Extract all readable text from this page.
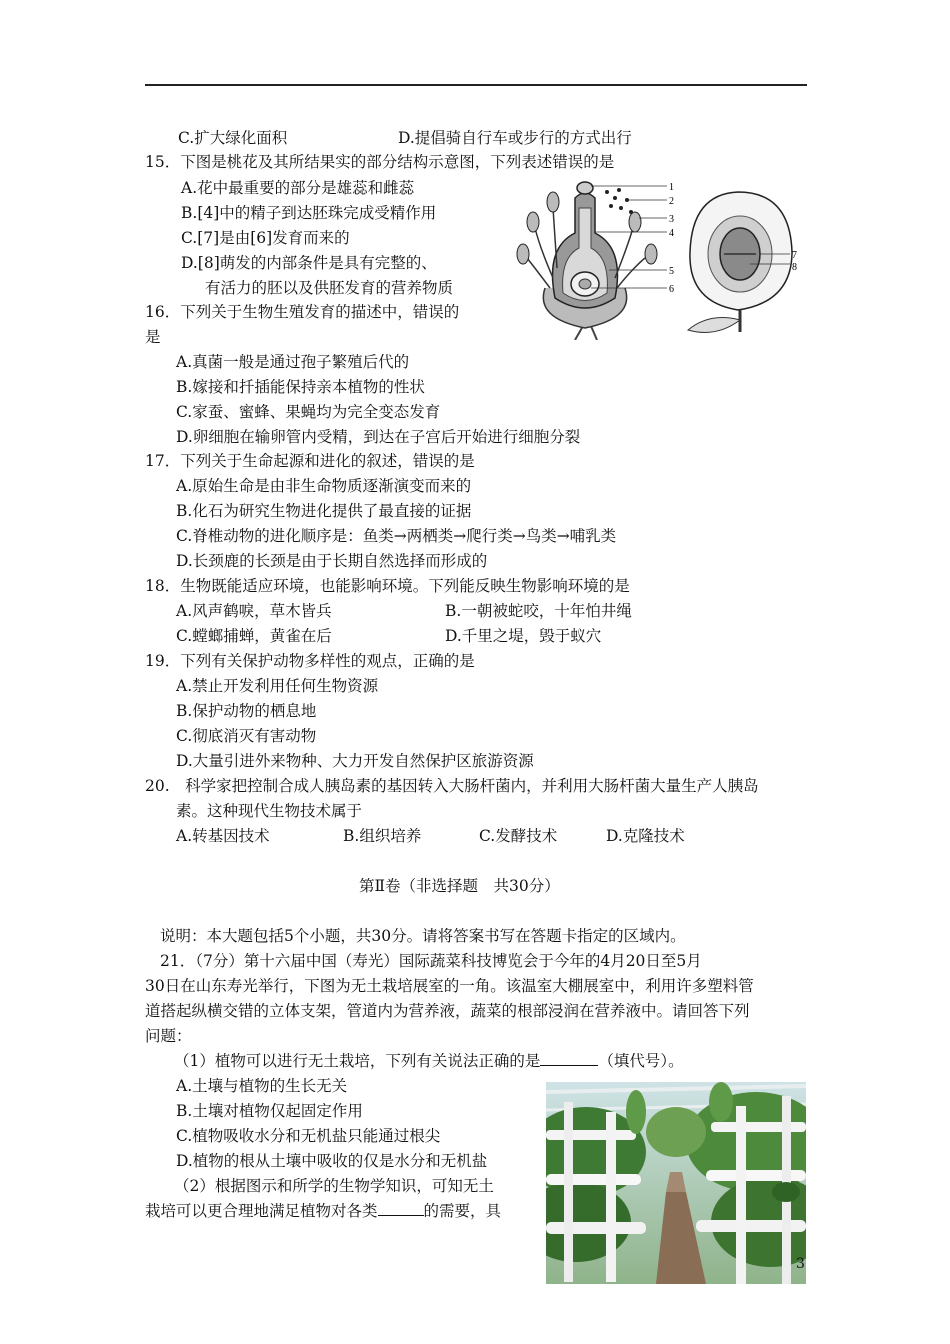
C.扩大绿化面积	D.提倡骑自行车或步行的方式出行
15．下图是桃花及其所结果实的部分结构示意图，下列表述错误的是
A.花中最重要的部分是雄蕊和雌蕊
B.[4]中的精子到达胚珠完成受精作用
C.[7]是由[6]发育而来的
D.[8]萌发的内部条件是具有完整的、
有活力的胚以及供胚发育的营养物质
1
2
3
4
5
6
7
8
16．下列关于生物生殖发育的描述中，错误的
是
A.真菌一般是通过孢子繁殖后代的
B.嫁接和扦插能保持亲本植物的性状
C.家蚕、蜜蜂、果蝇均为完全变态发育
D.卵细胞在输卵管内受精，到达在子宫后开始进行细胞分裂
17．下列关于生命起源和进化的叙述，错误的是
A.原始生命是由非生命物质逐渐演变而来的
B.化石为研究生物进化提供了最直接的证据
C.脊椎动物的进化顺序是：鱼类→两栖类→爬行类→鸟类→哺乳类
D.长颈鹿的长颈是由于长期自然选择而形成的
18．生物既能适应环境，也能影响环境。下列能反映生物影响环境的是
A.风声鹤唳，草木皆兵	B.一朝被蛇咬，十年怕井绳
C.螳螂捕蝉，黄雀在后	D.千里之堤，毁于蚁穴
19．下列有关保护动物多样性的观点，正确的是
A.禁止开发利用任何生物资源
B.保护动物的栖息地
C.彻底消灭有害动物
D.大量引进外来物种、大力开发自然保护区旅游资源
20.　科学家把控制合成人胰岛素的基因转入大肠杆菌内，并利用大肠杆菌大量生产人胰岛
素。这种现代生物技术属于
A.转基因技术	B.组织培养	C.发酵技术	D.克隆技术
第Ⅱ卷（非选择题　共30分）
说明：本大题包括5个小题，共30分。请将答案书写在答题卡指定的区域内。
21．（7分）第十六届中国（寿光）国际蔬菜科技博览会于今年的4月20日至5月
30日在山东寿光举行，下图为无土栽培展室的一角。该温室大棚展室中，利用许多塑料管
道搭起纵横交错的立体支架，管道内为营养液，蔬菜的根部浸润在营养液中。请回答下列
问题：
（1）植物可以进行无土栽培，下列有关说法正确的是	（填代号）。
A.土壤与植物的生长无关
B.土壤对植物仅起固定作用
C.植物吸收水分和无机盐只能通过根尖
D.植物的根从土壤中吸收的仅是水分和无机盐
（2）根据图示和所学的生物学知识，可知无土
栽培可以更合理地满足植物对各类	的需要，具
3
